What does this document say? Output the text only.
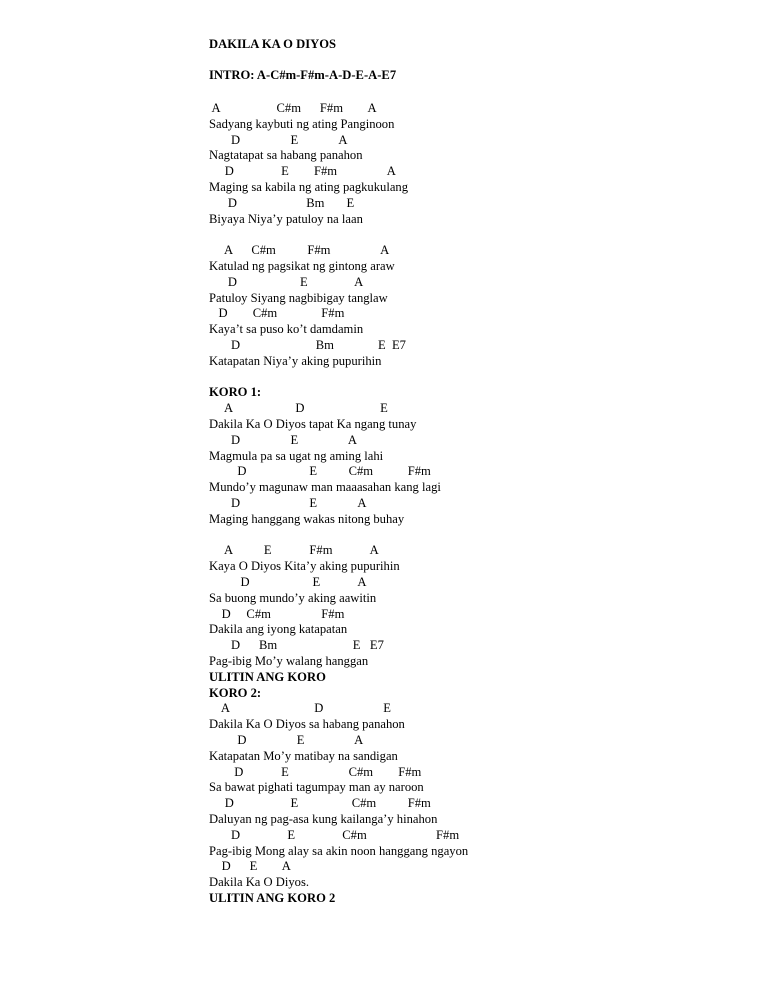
DAKILA KA O DIYOS
INTRO: A-C#m-F#m-A-D-E-A-E7
A                  C#m      F#m        A
Sadyang kaybuti ng ating Panginoon
D                E             A
Nagtatapat sa habang panahon
D               E        F#m                A
Maging sa kabila ng ating pagkukulang
D                      Bm       E
Biyaya Niya’y patuloy na laan
A      C#m          F#m                A
Katulad ng pagsikat ng gintong araw
D                    E               A
Patuloy Siyang nagbibigay tanglaw
D        C#m              F#m
Kaya’t sa puso ko’t damdamin
D                        Bm              E  E7
Katapatan Niya’y aking pupurihin
KORO 1:
A                    D                        E
Dakila Ka O Diyos tapat Ka ngang tunay
D                E                A
Magmula pa sa ugat ng aming lahi
D                    E          C#m           F#m
Mundo’y magunaw man maaasahan kang lagi
D                      E             A
Maging hanggang wakas nitong buhay
A          E            F#m            A
Kaya O Diyos Kita’y aking pupurihin
D                    E            A
Sa buong mundo’y aking aawitin
D     C#m                F#m
Dakila ang iyong katapatan
D      Bm                        E   E7
Pag-ibig Mo’y walang hanggan
ULITIN ANG KORO
KORO 2:
A                           D                   E
Dakila Ka O Diyos sa habang panahon
D                E                A
Katapatan Mo’y matibay na sandigan
D            E                   C#m        F#m
Sa bawat pighati tagumpay man ay naroon
D                  E                 C#m          F#m
Daluyan ng pag-asa kung kailanga’y hinahon
D               E               C#m                      F#m
Pag-ibig Mong alay sa akin noon hanggang ngayon
D      E        A
Dakila Ka O Diyos.
ULITIN ANG KORO 2
